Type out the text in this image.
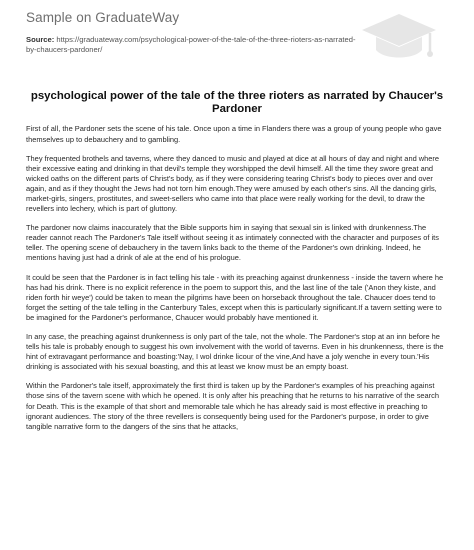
Sample on GraduateWay
Source: https://graduateway.com/psychological-power-of-the-tale-of-the-three-rioters-as-narrated-by-chaucers-pardoner/
psychological power of the tale of the three rioters as narrated by Chaucer's Pardoner

First of all, the Pardoner sets the scene of his tale. Once upon a time in Flanders there was a group of young people who gave themselves up to debauchery and to gambling.

They frequented brothels and taverns, where they danced to music and played at dice at all hours of day and night and where their excessive eating and drinking in that devil's temple they worshipped the devil himself. All the time they swore great and wicked oaths on the different parts of Christ's body, as if they were considering tearing Christ's body to pieces over and over again, and as if they thought the Jews had not torn him enough.They were amused by each other's sins. All the dancing girls, market-girls, singers, prostitutes, and sweet-sellers who came into that place were really working for the devil, to draw the revellers into lechery, which is part of gluttony.

The pardoner now claims inaccurately that the Bible supports him in saying that sexual sin is linked with drunkenness.The reader cannot reach The Pardoner's Tale itself without seeing it as intimately connected with the character and purposes of its teller. The opening scene of debauchery in the tavern links back to the theme of the Pardoner's own drinking. Indeed, he mentions having just had a drink of ale at the end of his prologue.

It could be seen that the Pardoner is in fact telling his tale - with its preaching against drunkenness - inside the tavern where he has had his drink. There is no explicit reference in the poem to support this, and the last line of the tale ('Anon they kiste, and riden forth hir weye') could be taken to mean the pilgrims have been on horseback throughout the tale. Chaucer does tend to forget the setting of the tale telling in the Canterbury Tales, except when this is particularly significant.If a tavern setting were to be imagined for the Pardoner's performance, Chaucer would probably have mentioned it.

In any case, the preaching against drunkenness is only part of the tale, not the whole. The Pardoner's stop at an inn before he tells his tale is probably enough to suggest his own involvement with the world of taverns. Even in his drunkenness, there is the hint of extravagant performance and boasting:'Nay, I wol drinke licour of the vine,And have a joly wenche in every toun.'His drinking is associated with his sexual boasting, and this at least we know must be an empty boast.

Within the Pardoner's tale itself, approximately the first third is taken up by the Pardoner's examples of his preaching against those sins of the tavern scene with which he opened. It is only after his preaching that he returns to his narrative of the search for Death. This is the example of that short and memorable tale which he has already said is most effective in preaching to ignorant audiences. The story of the three revellers is consequently being used for the Pardoner's purpose, in order to give tangible narrative form to the dangers of the sins that he attacks,
